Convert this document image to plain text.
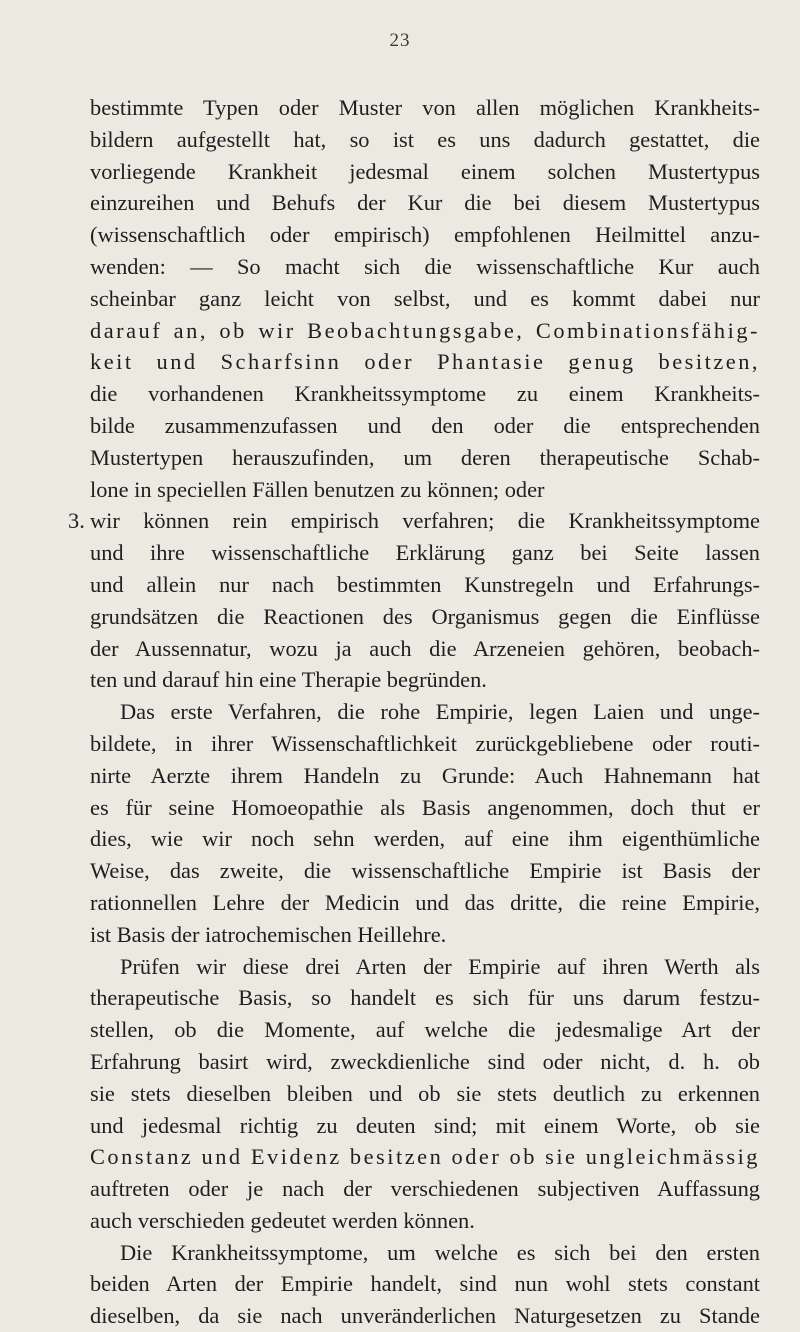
23
bestimmte Typen oder Muster von allen möglichen Krankheits-
bildern aufgestellt hat, so ist es uns dadurch gestattet, die
vorliegende Krankheit jedesmal einem solchen Mustertypus
einzureihen und Behufs der Kur die bei diesem Mustertypus
(wissenschaftlich oder empirisch) empfohlenen Heilmittel anzu-
wenden: — So macht sich die wissenschaftliche Kur auch
scheinbar ganz leicht von selbst, und es kommt dabei nur
darauf an, ob wir Beobachtungsgabe, Combinationsfähig-
keit und Scharfsinn oder Phantasie genug besitzen,
die vorhandenen Krankheitssymptome zu einem Krankheits-
bilde zusammenzufassen und den oder die entsprechenden
Mustertypen herauszufinden, um deren therapeutische Schab-
lone in speciellen Fällen benutzen zu können; oder
3. wir können rein empirisch verfahren; die Krankheitssymptome
und ihre wissenschaftliche Erklärung ganz bei Seite lassen
und allein nur nach bestimmten Kunstregeln und Erfahrungs-
grundsätzen die Reactionen des Organismus gegen die Einflüsse
der Aussennatur, wozu ja auch die Arzeneien gehören, beobach-
ten und darauf hin eine Therapie begründen.
Das erste Verfahren, die rohe Empirie, legen Laien und unge-
bildete, in ihrer Wissenschaftlichkeit zurückgebliebene oder routi-
nirte Aerzte ihrem Handeln zu Grunde: Auch Hahnemann hat
es für seine Homoeopathie als Basis angenommen, doch thut er
dies, wie wir noch sehn werden, auf eine ihm eigenthümliche
Weise, das zweite, die wissenschaftliche Empirie ist Basis der
rationnellen Lehre der Medicin und das dritte, die reine Empirie,
ist Basis der iatrochemischen Heillehre.
Prüfen wir diese drei Arten der Empirie auf ihren Werth als
therapeutische Basis, so handelt es sich für uns darum festzu-
stellen, ob die Momente, auf welche die jedesmalige Art der
Erfahrung basirt wird, zweckdienliche sind oder nicht, d. h. ob
sie stets dieselben bleiben und ob sie stets deutlich zu erkennen
und jedesmal richtig zu deuten sind; mit einem Worte, ob sie
Constanz und Evidenz besitzen oder ob sie ungleichmässig
auftreten oder je nach der verschiedenen subjectiven Auffassung
auch verschieden gedeutet werden können.
Die Krankheitssymptome, um welche es sich bei den ersten
beiden Arten der Empirie handelt, sind nun wohl stets constant
dieselben, da sie nach unveränderlichen Naturgesetzen zu Stande
